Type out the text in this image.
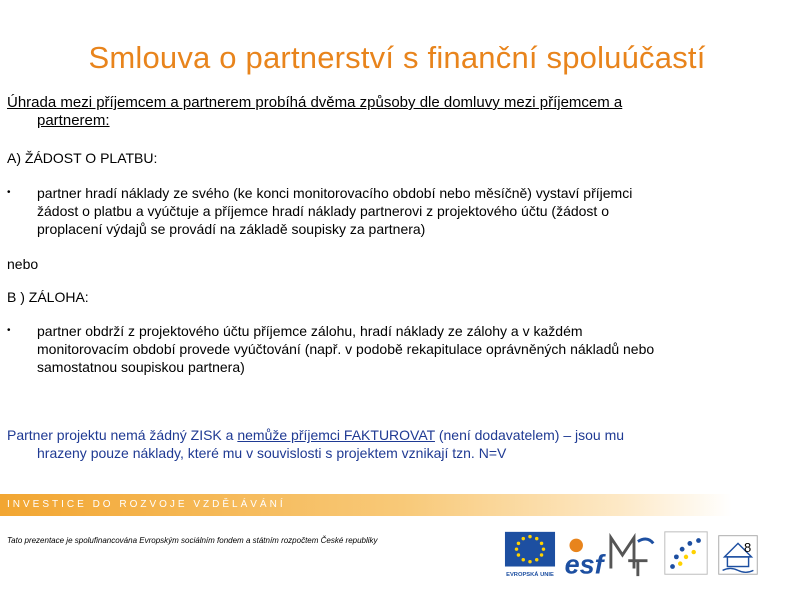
Smlouva o partnerství s finanční spoluúčastí
Úhrada mezi příjemcem a partnerem probíhá dvěma způsoby dle domluvy mezi příjemcem a
partnerem:
A) ŽÁDOST O PLATBU:
•	partner hradí náklady ze svého (ke konci monitorovacího období nebo měsíčně) vystaví příjemci
žádost o platbu a vyúčtuje a příjemce hradí náklady partnerovi z projektového účtu (žádost o
proplacení výdajů se provádí na základě soupisky za partnera)
nebo
B ) ZÁLOHA:
•	partner obdrží z projektového účtu příjemce zálohu, hradí náklady ze zálohy a v každém
monitorovacím období provede vyúčtování (např. v podobě rekapitulace oprávněných nákladů nebo
samostatnou soupiskou partnera)
Partner projektu nemá žádný ZISK a nemůže příjemci FAKTUROVAT (není dodavatelem) – jsou mu
hrazeny pouze náklady, které mu v souvislosti s projektem vznikají tzn. N=V
INVESTICE DO ROZVOJE VZDĚLÁVÁNÍ
Tato prezentace je spolufinancována Evropským sociálním fondem a státním rozpočtem České republiky
EVROPSKÁ UNIE esf
MŠMT
8
